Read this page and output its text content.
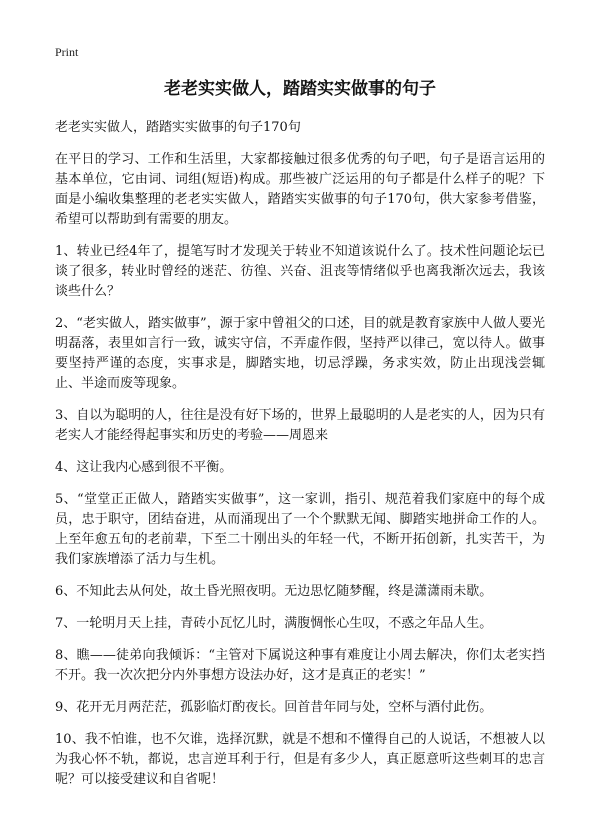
Print
老老实实做人，踏踏实实做事的句子

老老实实做人，踏踏实实做事的句子170句

在平日的学习、工作和生活里，大家都接触过很多优秀的句子吧，句子是语言运用的基本单位，它由词、词组(短语)构成。那些被广泛运用的句子都是什么样子的呢？下面是小编收集整理的老老实实做人，踏踏实实做事的句子170句，供大家参考借鉴，希望可以帮助到有需要的朋友。

1、转业已经4年了，提笔写时才发现关于转业不知道该说什么了。技术性问题论坛已谈了很多，转业时曾经的迷茫、彷徨、兴奋、沮丧等情绪似乎也离我渐次远去，我该谈些什么？

2、“老实做人，踏实做事”，源于家中曾祖父的口述，目的就是教育家族中人做人要光明磊落，表里如言行一致，诚实守信，不弄虚作假，坚持严以律己，宽以待人。做事要坚持严谨的态度，实事求是，脚踏实地，切忌浮躁，务求实效，防止出现浅尝辄止、半途而废等现象。

3、自以为聪明的人，往往是没有好下场的，世界上最聪明的人是老实的人，因为只有老实人才能经得起事实和历史的考验——周恩来

4、这让我内心感到很不平衡。

5、“堂堂正正做人，踏踏实实做事”，这一家训，指引、规范着我们家庭中的每个成员，忠于职守，团结奋进，从而涌现出了一个个默默无闻、脚踏实地拼命工作的人。上至年愈五旬的老前辈，下至二十刚出头的年轻一代，不断开拓创新，扎实苦干，为我们家族增添了活力与生机。

6、不知此去从何处，故土昏光照夜明。无边思忆随梦醒，终是潇潇雨未歇。

7、一轮明月天上挂，青砖小瓦忆儿时，满腹惆怅心生叹，不惑之年品人生。

8、瞧——徒弟向我倾诉：“主管对下属说这种事有难度让小周去解决，你们太老实挡不开。我一次次把分内外事想方设法办好，这才是真正的老实！”

9、花开无月两茫茫，孤影临灯酌夜长。回首昔年同与处，空杯与酒付此伤。

10、我不怕谁，也不欠谁，选择沉默，就是不想和不懂得自己的人说话，不想被人以为我心怀不轨，都说，忠言逆耳利于行，但是有多少人，真正愿意听这些刺耳的忠言呢？可以接受建议和自省呢！
